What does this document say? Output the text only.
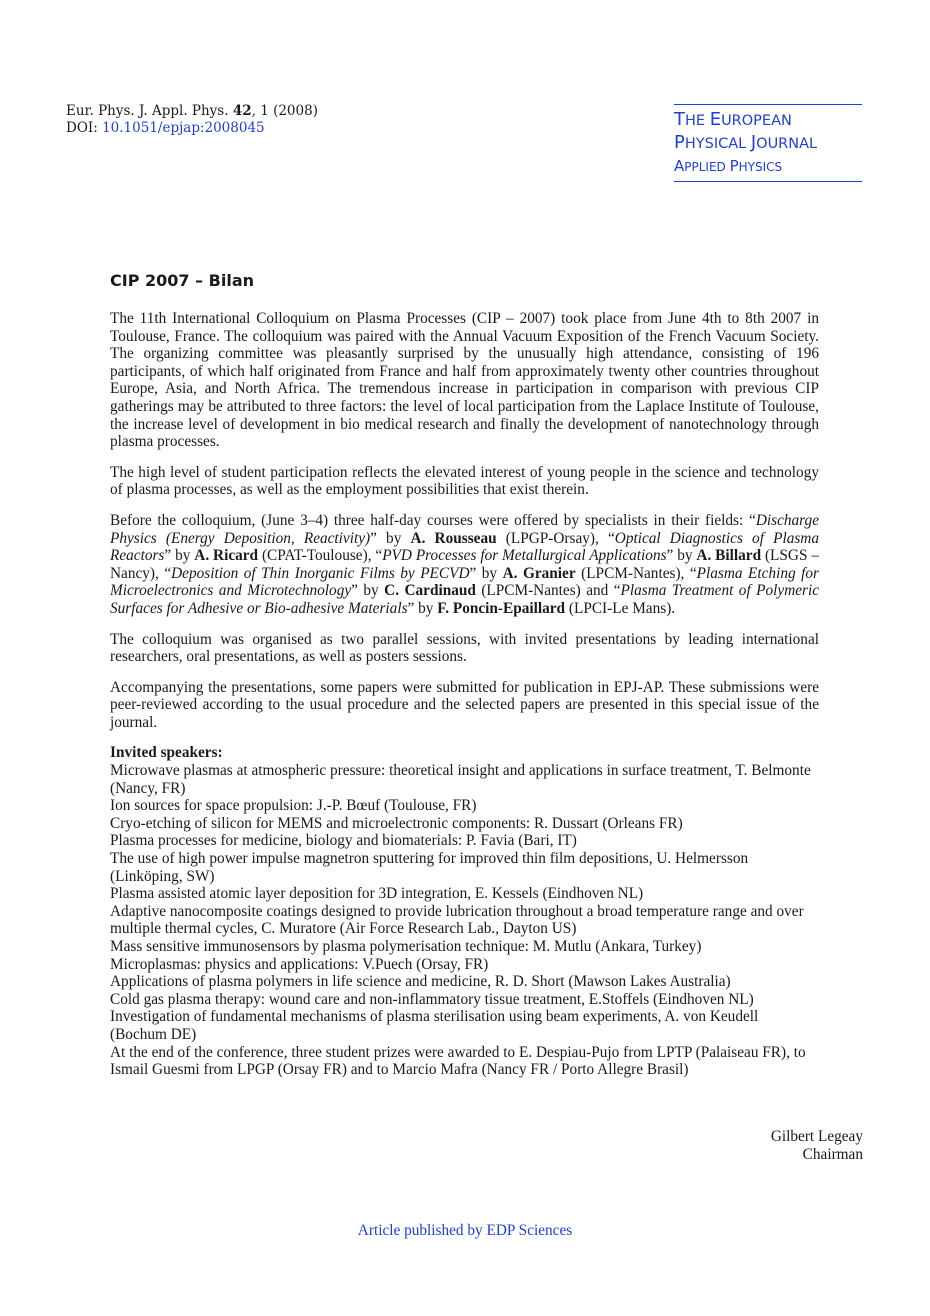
Eur. Phys. J. Appl. Phys. 42, 1 (2008)
DOI: 10.1051/epjap:2008045	THE EUROPEAN
PHYSICAL JOURNAL
APPLIED PHYSICS
CIP 2007 – Bilan

The 11th International Colloquium on Plasma Processes (CIP – 2007) took place from June 4th to 8th 2007 in Toulouse, France. The colloquium was paired with the Annual Vacuum Exposition of the French Vacuum Society. The organizing committee was pleasantly surprised by the unusually high attendance, consisting of 196 participants, of which half originated from France and half from approximately twenty other countries throughout Europe, Asia, and North Africa. The tremendous increase in participation in comparison with previous CIP gatherings may be attributed to three factors: the level of local participation from the Laplace Institute of Toulouse, the increase level of development in bio medical research and finally the development of nanotechnology through plasma processes.

The high level of student participation reflects the elevated interest of young people in the science and technology of plasma processes, as well as the employment possibilities that exist therein.

Before the colloquium, (June 3–4) three half-day courses were offered by specialists in their fields: “Discharge Physics (Energy Deposition, Reactivity)” by A. Rousseau (LPGP-Orsay), “Optical Diagnostics of Plasma Reactors” by A. Ricard (CPAT-Toulouse), “PVD Processes for Metallurgical Applications” by A. Billard (LSGS – Nancy), “Deposition of Thin Inorganic Films by PECVD” by A. Granier (LPCM-Nantes), “Plasma Etching for Microelectronics and Microtechnology” by C. Cardinaud (LPCM-Nantes) and “Plasma Treatment of Polymeric Surfaces for Adhesive or Bio-adhesive Materials” by F. Poncin-Epaillard (LPCI-Le Mans).

The colloquium was organised as two parallel sessions, with invited presentations by leading international researchers, oral presentations, as well as posters sessions.

Accompanying the presentations, some papers were submitted for publication in EPJ-AP. These submissions were peer-reviewed according to the usual procedure and the selected papers are presented in this special issue of the journal.

Invited speakers:
Microwave plasmas at atmospheric pressure: theoretical insight and applications in surface treatment, T. Belmonte (Nancy, FR)
Ion sources for space propulsion: J.-P. Bœuf (Toulouse, FR)
Cryo-etching of silicon for MEMS and microelectronic components: R. Dussart (Orleans FR)
Plasma processes for medicine, biology and biomaterials: P. Favia (Bari, IT)
The use of high power impulse magnetron sputtering for improved thin film depositions, U. Helmersson (Linköping, SW)
Plasma assisted atomic layer deposition for 3D integration, E. Kessels (Eindhoven NL)
Adaptive nanocomposite coatings designed to provide lubrication throughout a broad temperature range and over multiple thermal cycles, C. Muratore (Air Force Research Lab., Dayton US)
Mass sensitive immunosensors by plasma polymerisation technique: M. Mutlu (Ankara, Turkey)
Microplasmas: physics and applications: V.Puech (Orsay, FR)
Applications of plasma polymers in life science and medicine, R. D. Short (Mawson Lakes Australia)
Cold gas plasma therapy: wound care and non-inflammatory tissue treatment, E.Stoffels (Eindhoven NL)
Investigation of fundamental mechanisms of plasma sterilisation using beam experiments, A. von Keudell (Bochum DE)
At the end of the conference, three student prizes were awarded to E. Despiau-Pujo from LPTP (Palaiseau FR), to Ismail Guesmi from LPGP (Orsay FR) and to Marcio Mafra (Nancy FR / Porto Allegre Brasil)
Gilbert Legeay
Chairman
Article published by EDP Sciences
